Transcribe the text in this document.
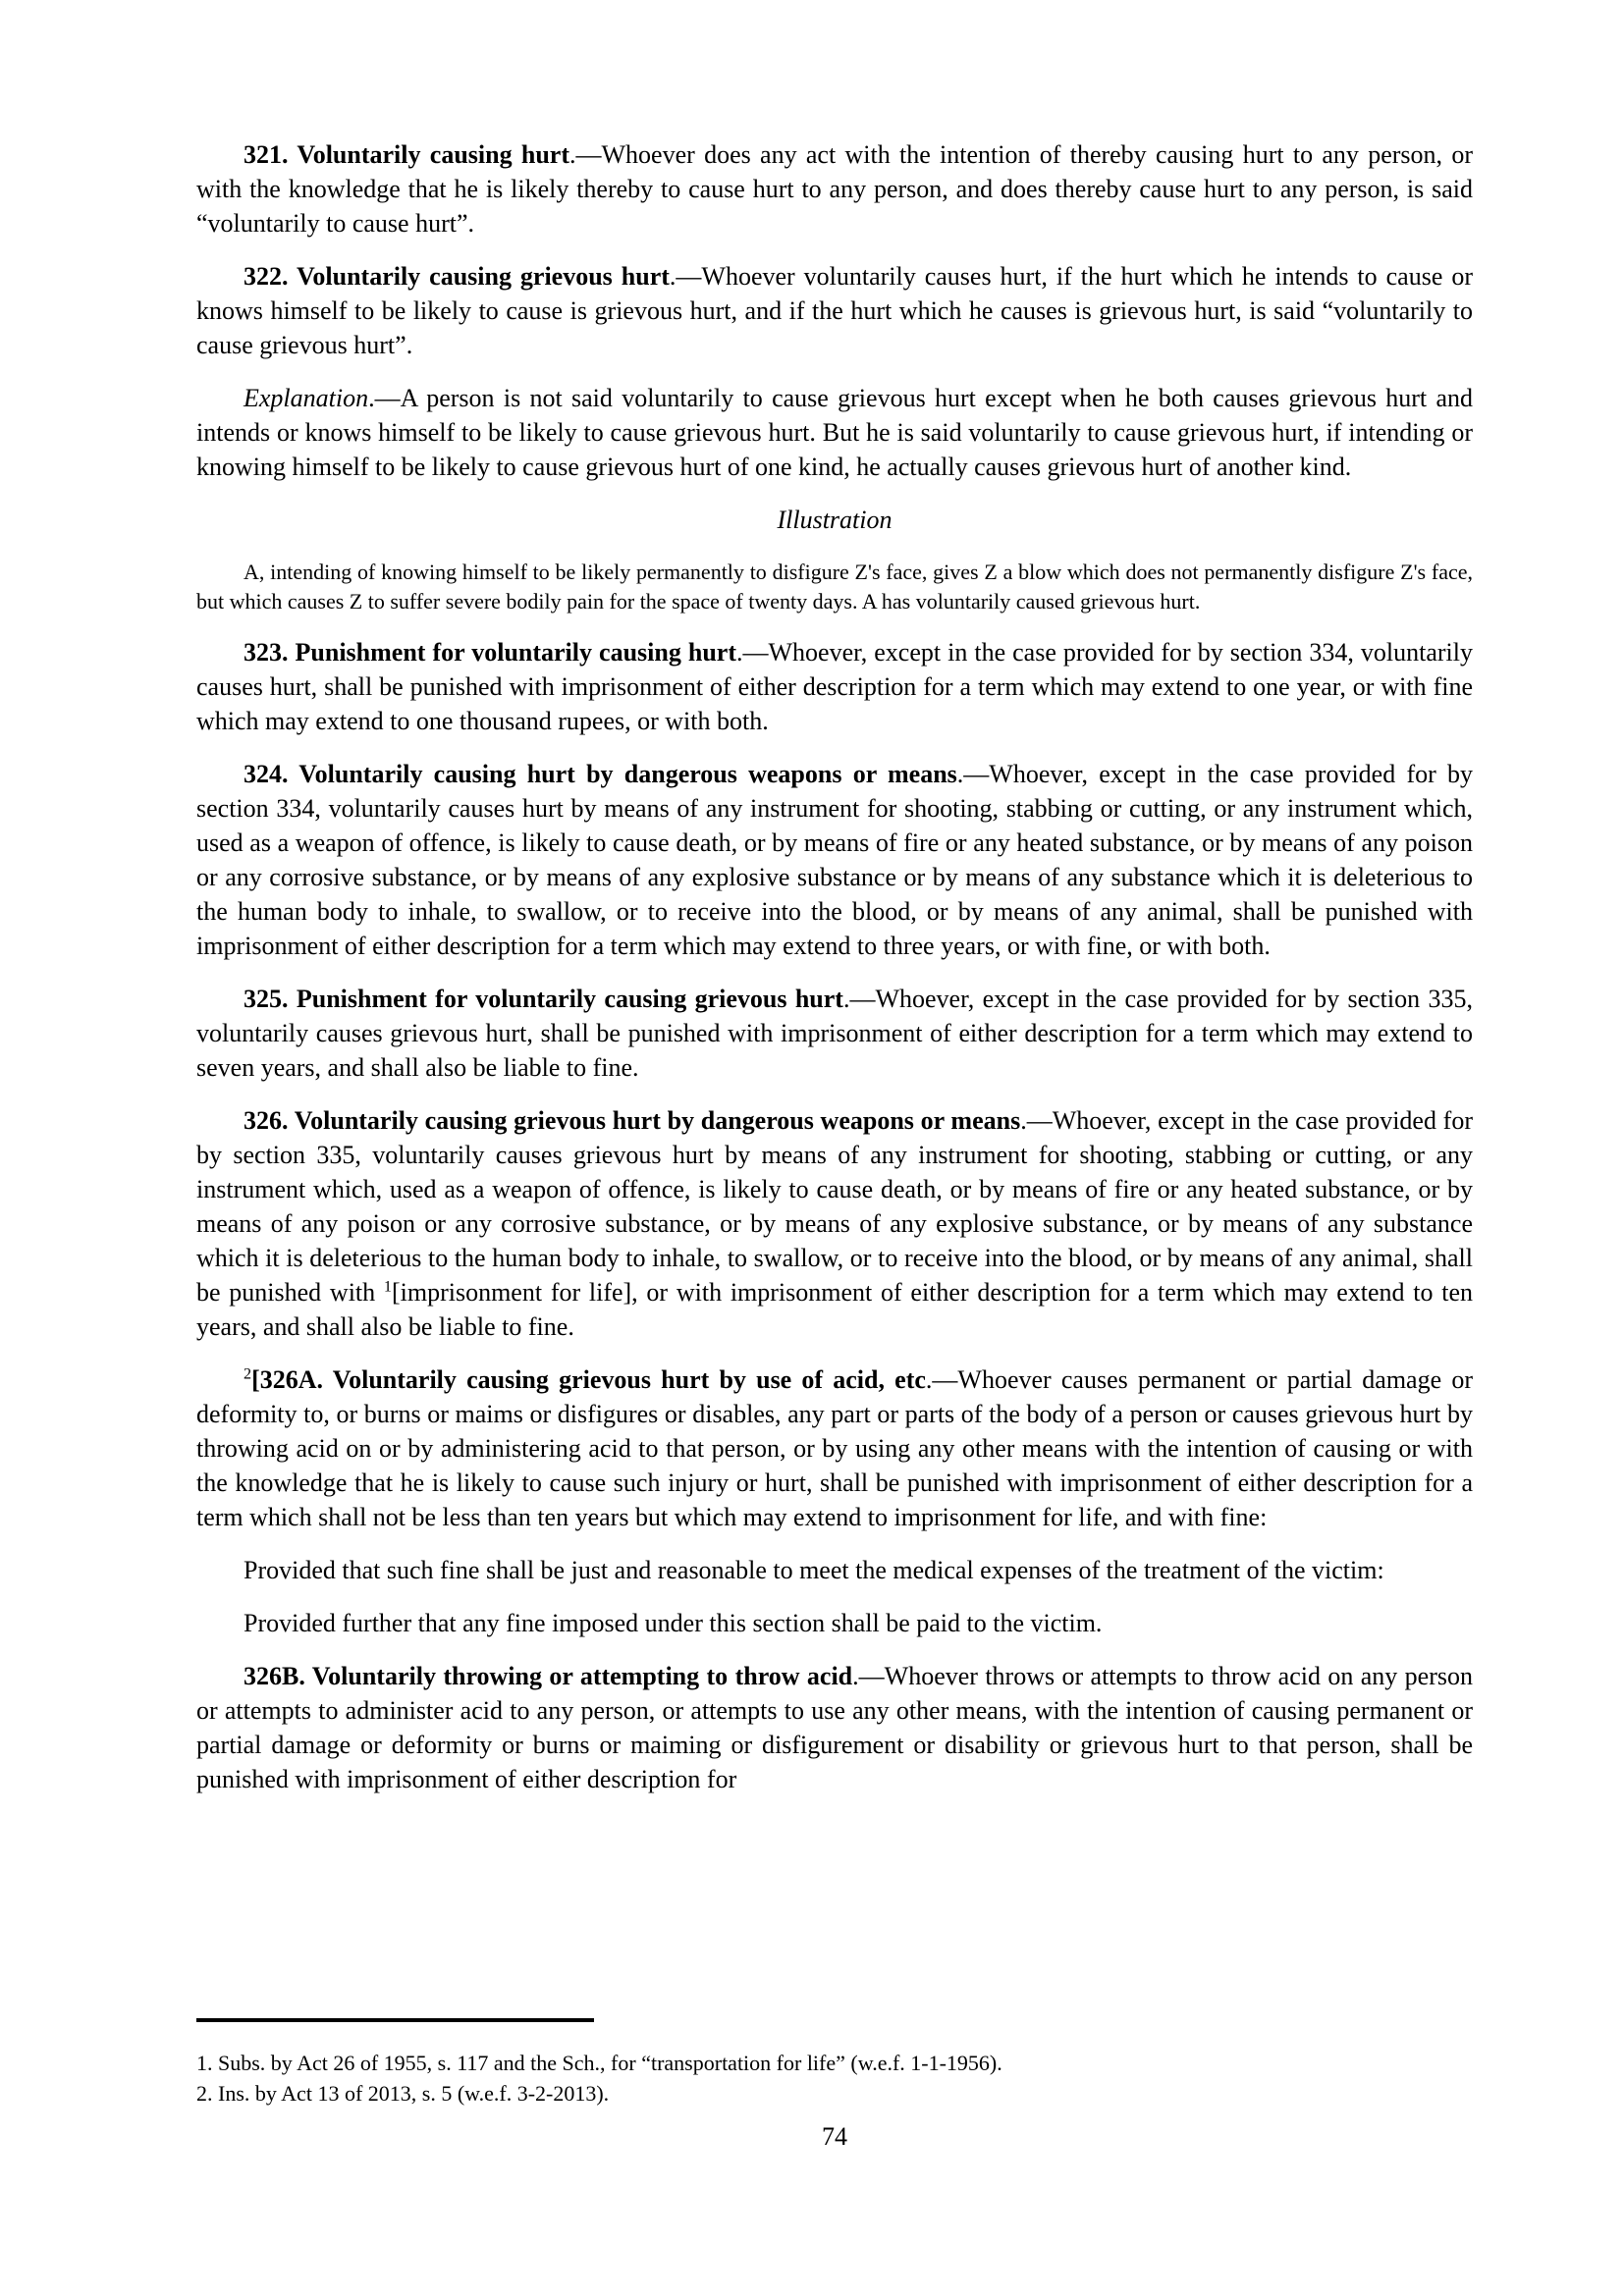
321. Voluntarily causing hurt.—Whoever does any act with the intention of thereby causing hurt to any person, or with the knowledge that he is likely thereby to cause hurt to any person, and does thereby cause hurt to any person, is said “voluntarily to cause hurt”.

322. Voluntarily causing grievous hurt.—Whoever voluntarily causes hurt, if the hurt which he intends to cause or knows himself to be likely to cause is grievous hurt, and if the hurt which he causes is grievous hurt, is said “voluntarily to cause grievous hurt”.

Explanation.—A person is not said voluntarily to cause grievous hurt except when he both causes grievous hurt and intends or knows himself to be likely to cause grievous hurt. But he is said voluntarily to cause grievous hurt, if intending or knowing himself to be likely to cause grievous hurt of one kind, he actually causes grievous hurt of another kind.

Illustration

A, intending of knowing himself to be likely permanently to disfigure Z's face, gives Z a blow which does not permanently disfigure Z's face, but which causes Z to suffer severe bodily pain for the space of twenty days. A has voluntarily caused grievous hurt.

323. Punishment for voluntarily causing hurt.—Whoever, except in the case provided for by section 334, voluntarily causes hurt, shall be punished with imprisonment of either description for a term which may extend to one year, or with fine which may extend to one thousand rupees, or with both.

324. Voluntarily causing hurt by dangerous weapons or means.—Whoever, except in the case provided for by section 334, voluntarily causes hurt by means of any instrument for shooting, stabbing or cutting, or any instrument which, used as a weapon of offence, is likely to cause death, or by means of fire or any heated substance, or by means of any poison or any corrosive substance, or by means of any explosive substance or by means of any substance which it is deleterious to the human body to inhale, to swallow, or to receive into the blood, or by means of any animal, shall be punished with imprisonment of either description for a term which may extend to three years, or with fine, or with both.

325. Punishment for voluntarily causing grievous hurt.—Whoever, except in the case provided for by section 335, voluntarily causes grievous hurt, shall be punished with imprisonment of either description for a term which may extend to seven years, and shall also be liable to fine.

326. Voluntarily causing grievous hurt by dangerous weapons or means.—Whoever, except in the case provided for by section 335, voluntarily causes grievous hurt by means of any instrument for shooting, stabbing or cutting, or any instrument which, used as a weapon of offence, is likely to cause death, or by means of fire or any heated substance, or by means of any poison or any corrosive substance, or by means of any explosive substance, or by means of any substance which it is deleterious to the human body to inhale, to swallow, or to receive into the blood, or by means of any animal, shall be punished with $^1$[imprisonment for life], or with imprisonment of either description for a term which may extend to ten years, and shall also be liable to fine.

$^2$[326A. Voluntarily causing grievous hurt by use of acid, etc.—Whoever causes permanent or partial damage or deformity to, or burns or maims or disfigures or disables, any part or parts of the body of a person or causes grievous hurt by throwing acid on or by administering acid to that person, or by using any other means with the intention of causing or with the knowledge that he is likely to cause such injury or hurt, shall be punished with imprisonment of either description for a term which shall not be less than ten years but which may extend to imprisonment for life, and with fine:

Provided that such fine shall be just and reasonable to meet the medical expenses of the treatment of the victim:

Provided further that any fine imposed under this section shall be paid to the victim.

326B. Voluntarily throwing or attempting to throw acid.—Whoever throws or attempts to throw acid on any person or attempts to administer acid to any person, or attempts to use any other means, with the intention of causing permanent or partial damage or deformity or burns or maiming or disfigurement or disability or grievous hurt to that person, shall be punished with imprisonment of either description for

1. Subs. by Act 26 of 1955, s. 117 and the Sch., for “transportation for life” (w.e.f. 1-1-1956).

2. Ins. by Act 13 of 2013, s. 5 (w.e.f. 3-2-2013).

74
